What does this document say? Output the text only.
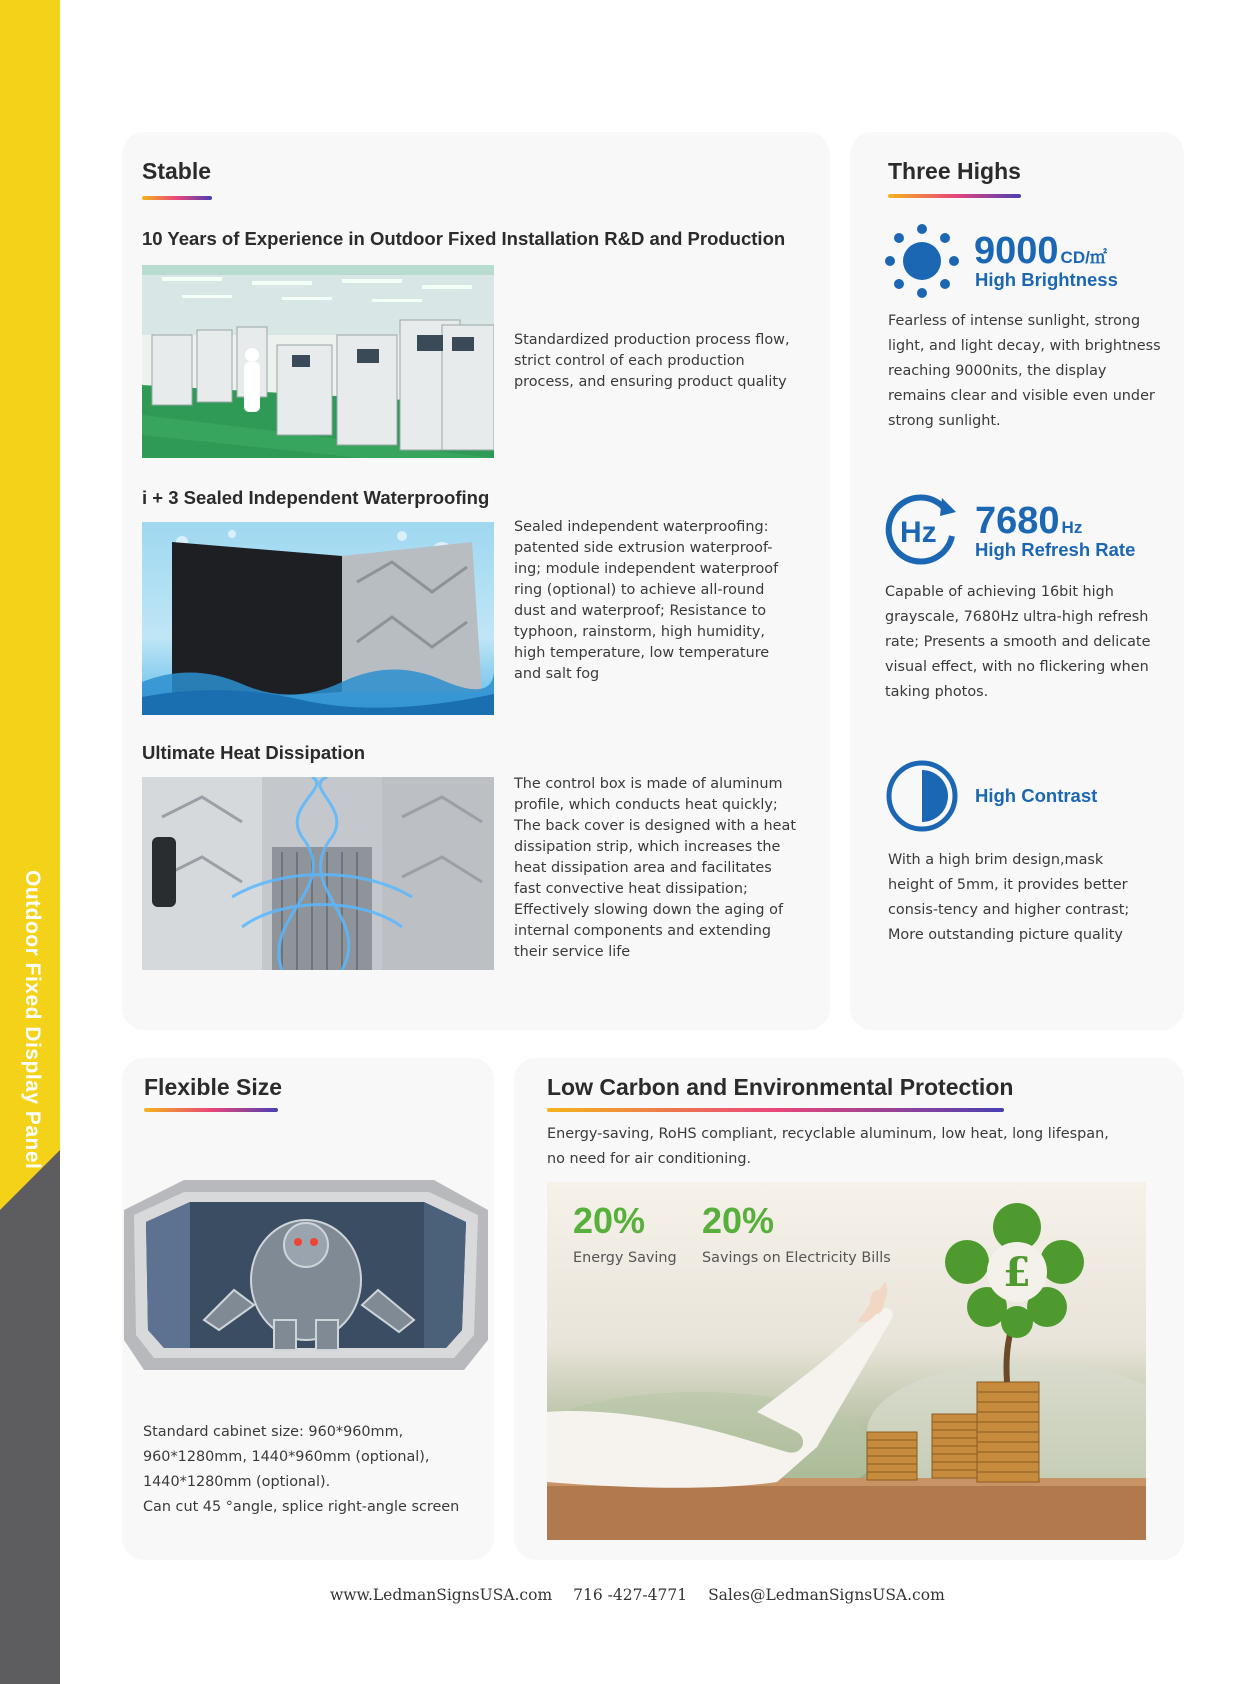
Outdoor Fixed Display Panel
Stable
10 Years of Experience in Outdoor Fixed Installation R&D and Production
Standardized production process flow, strict control of each production process, and ensuring product quality
i + 3 Sealed Independent Waterproofing
Sealed independent waterproofing: patented side extrusion waterproof-ing; module independent waterproof ring (optional) to achieve all-round dust and waterproof; Resistance to typhoon, rainstorm, high humidity, high temperature, low temperature and salt fog
Ultimate Heat Dissipation
The control box is made of aluminum profile, which conducts heat quickly; The back cover is designed with a heat dissipation strip, which increases the heat dissipation area and facilitates fast convective heat dissipation; Effectively slowing down the aging of internal components and extending their service life
Three Highs
9000 CD/㎡
High Brightness
Fearless of intense sunlight, strong light, and light decay, with brightness reaching 9000nits, the display remains clear and visible even under strong sunlight.
Hz 7680 Hz
High Refresh Rate
Capable of achieving 16bit high grayscale, 7680Hz ultra-high refresh rate; Presents a smooth and delicate visual effect, with no flickering when taking photos.
High Contrast
With a high brim design,mask height of 5mm, it provides better consis-tency and higher contrast; More outstanding picture quality
Flexible Size
Standard cabinet size: 960*960mm,
960*1280mm, 1440*960mm (optional),
1440*1280mm (optional).
Can cut 45 °angle, splice right-angle screen
Low Carbon and Environmental Protection
Energy-saving, RoHS compliant, recyclable aluminum, low heat, long lifespan,
no need for air conditioning.
£
20%
Energy Saving
20%
Savings on Electricity Bills
www.LedmanSignsUSA.com 716 -427-4771 Sales@LedmanSignsUSA.com
